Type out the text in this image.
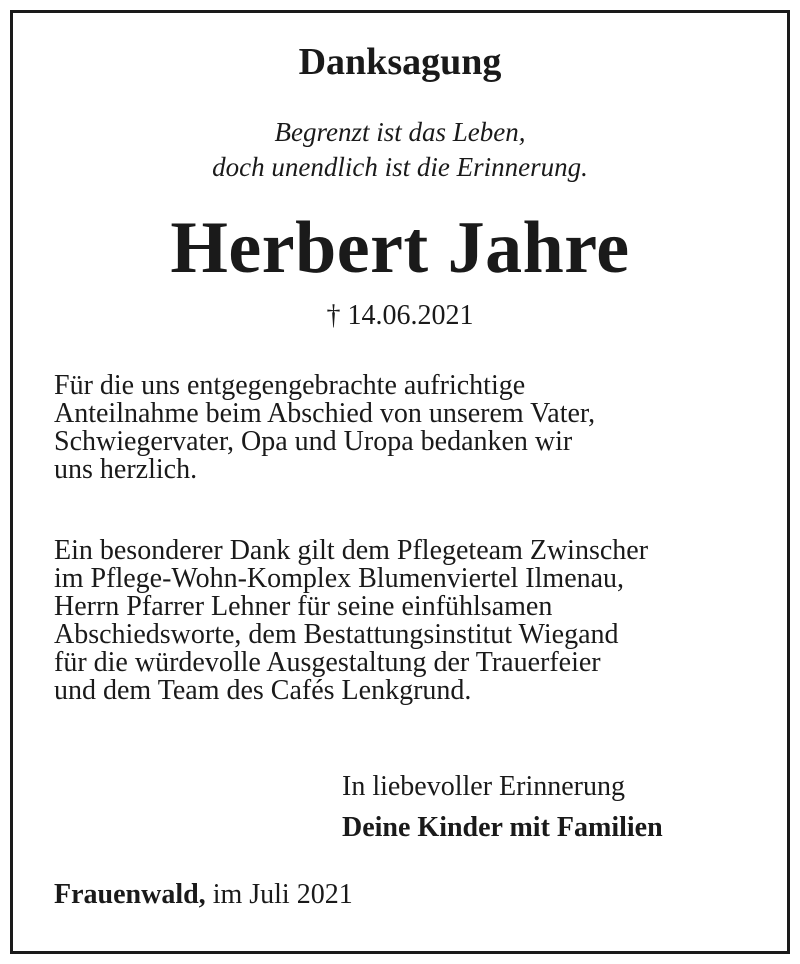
Danksagung
Begrenzt ist das Leben,
doch unendlich ist die Erinnerung.
Herbert Jahre
† 14.06.2021
Für die uns entgegengebrachte aufrichtige
Anteilnahme beim Abschied von unserem Vater,
Schwiegervater, Opa und Uropa bedanken wir
uns herzlich.
Ein besonderer Dank gilt dem Pflegeteam Zwinscher
im Pflege-Wohn-Komplex Blumenviertel Ilmenau,
Herrn Pfarrer Lehner für seine einfühlsamen
Abschiedsworte, dem Bestattungsinstitut Wiegand
für die würdevolle Ausgestaltung der Trauerfeier
und dem Team des Cafés Lenkgrund.
In liebevoller Erinnerung
Deine Kinder mit Familien
Frauenwald, im Juli 2021
